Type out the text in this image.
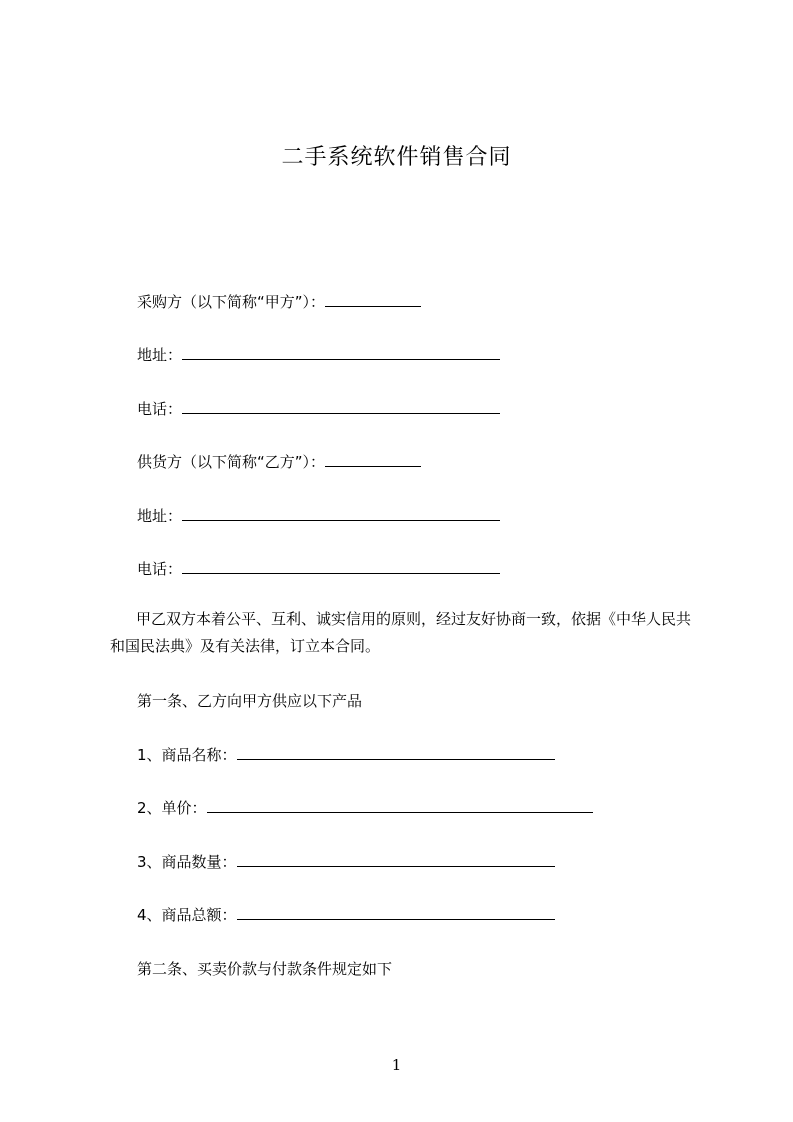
二手系统软件销售合同
采购方（以下简称“甲方”）：
地址：
电话：
供货方（以下简称“乙方”）：
地址：
电话：
甲乙双方本着公平、互利、诚实信用的原则，经过友好协商一致，依据《中华人民共和国民法典》及有关法律，订立本合同。
第一条、乙方向甲方供应以下产品
1、商品名称：
2、单价：
3、商品数量：
4、商品总额：
第二条、买卖价款与付款条件规定如下
1
